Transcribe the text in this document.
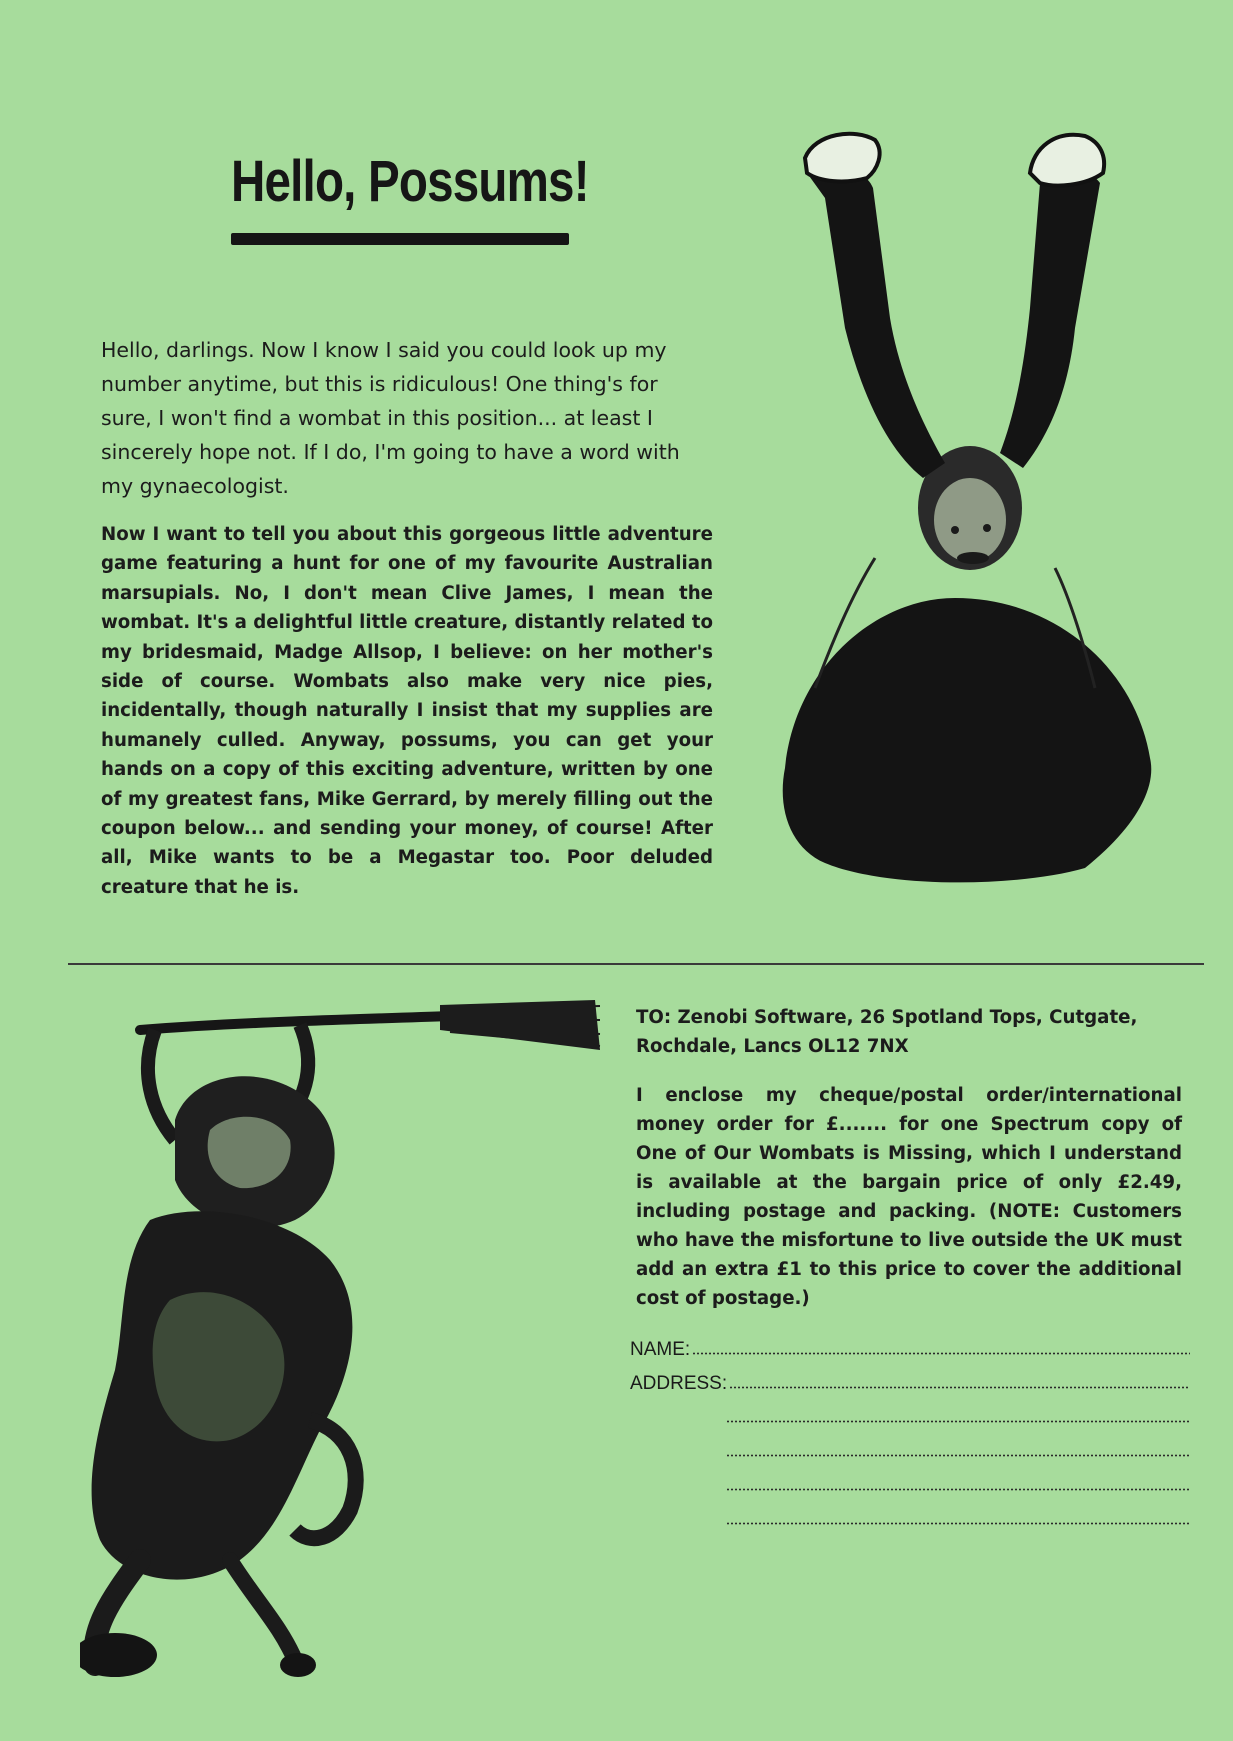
Hello, Possums!

Hello, darlings. Now I know I said you could look up my number anytime, but this is ridiculous! One thing's for sure, I won't find a wombat in this position... at least I sincerely hope not. If I do, I'm going to have a word with my gynaecologist.

Now I want to tell you about this gorgeous little adventure game featuring a hunt for one of my favourite Australian marsupials. No, I don't mean Clive James, I mean the wombat. It's a delightful little creature, distantly related to my bridesmaid, Madge Allsop, I believe: on her mother's side of course. Wombats also make very nice pies, incidentally, though naturally I insist that my supplies are humanely culled. Anyway, possums, you can get your hands on a copy of this exciting adventure, written by one of my greatest fans, Mike Gerrard, by merely filling out the coupon below... and sending your money, of course! After all, Mike wants to be a Megastar too. Poor deluded creature that he is.

TO: Zenobi Software, 26 Spotland Tops, Cutgate, Rochdale, Lancs OL12 7NX

I enclose my cheque/postal order/international money order for £....... for one Spectrum copy of One of Our Wombats is Missing, which I understand is available at the bargain price of only £2.49, including postage and packing. (NOTE: Customers who have the misfortune to live outside the UK must add an extra £1 to this price to cover the additional cost of postage.)

NAME:
ADDRESS:
